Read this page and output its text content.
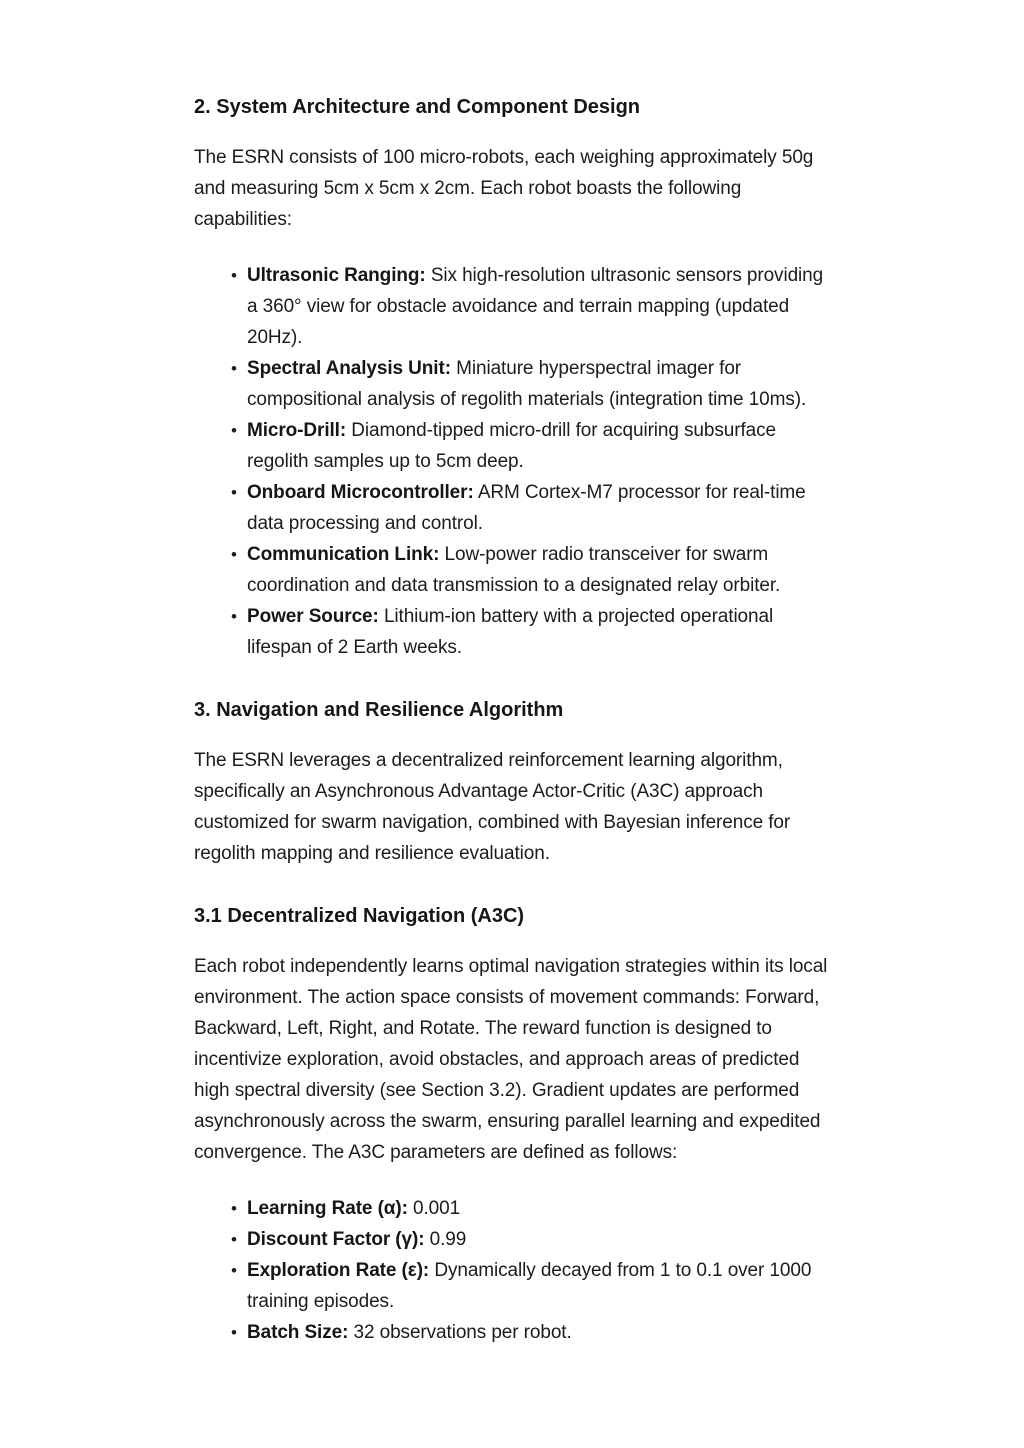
2. System Architecture and Component Design

The ESRN consists of 100 micro-robots, each weighing approximately 50g and measuring 5cm x 5cm x 2cm. Each robot boasts the following capabilities:

• Ultrasonic Ranging: Six high-resolution ultrasonic sensors providing a 360° view for obstacle avoidance and terrain mapping (updated 20Hz).
• Spectral Analysis Unit: Miniature hyperspectral imager for compositional analysis of regolith materials (integration time 10ms).
• Micro-Drill: Diamond-tipped micro-drill for acquiring subsurface regolith samples up to 5cm deep.
• Onboard Microcontroller: ARM Cortex-M7 processor for real-time data processing and control.
• Communication Link: Low-power radio transceiver for swarm coordination and data transmission to a designated relay orbiter.
• Power Source: Lithium-ion battery with a projected operational lifespan of 2 Earth weeks.
3. Navigation and Resilience Algorithm

The ESRN leverages a decentralized reinforcement learning algorithm, specifically an Asynchronous Advantage Actor-Critic (A3C) approach customized for swarm navigation, combined with Bayesian inference for regolith mapping and resilience evaluation.

3.1 Decentralized Navigation (A3C)

Each robot independently learns optimal navigation strategies within its local environment. The action space consists of movement commands: Forward, Backward, Left, Right, and Rotate. The reward function is designed to incentivize exploration, avoid obstacles, and approach areas of predicted high spectral diversity (see Section 3.2). Gradient updates are performed asynchronously across the swarm, ensuring parallel learning and expedited convergence. The A3C parameters are defined as follows:

• Learning Rate (α): 0.001
• Discount Factor (γ): 0.99
• Exploration Rate (ε): Dynamically decayed from 1 to 0.1 over 1000 training episodes.
• Batch Size: 32 observations per robot.
